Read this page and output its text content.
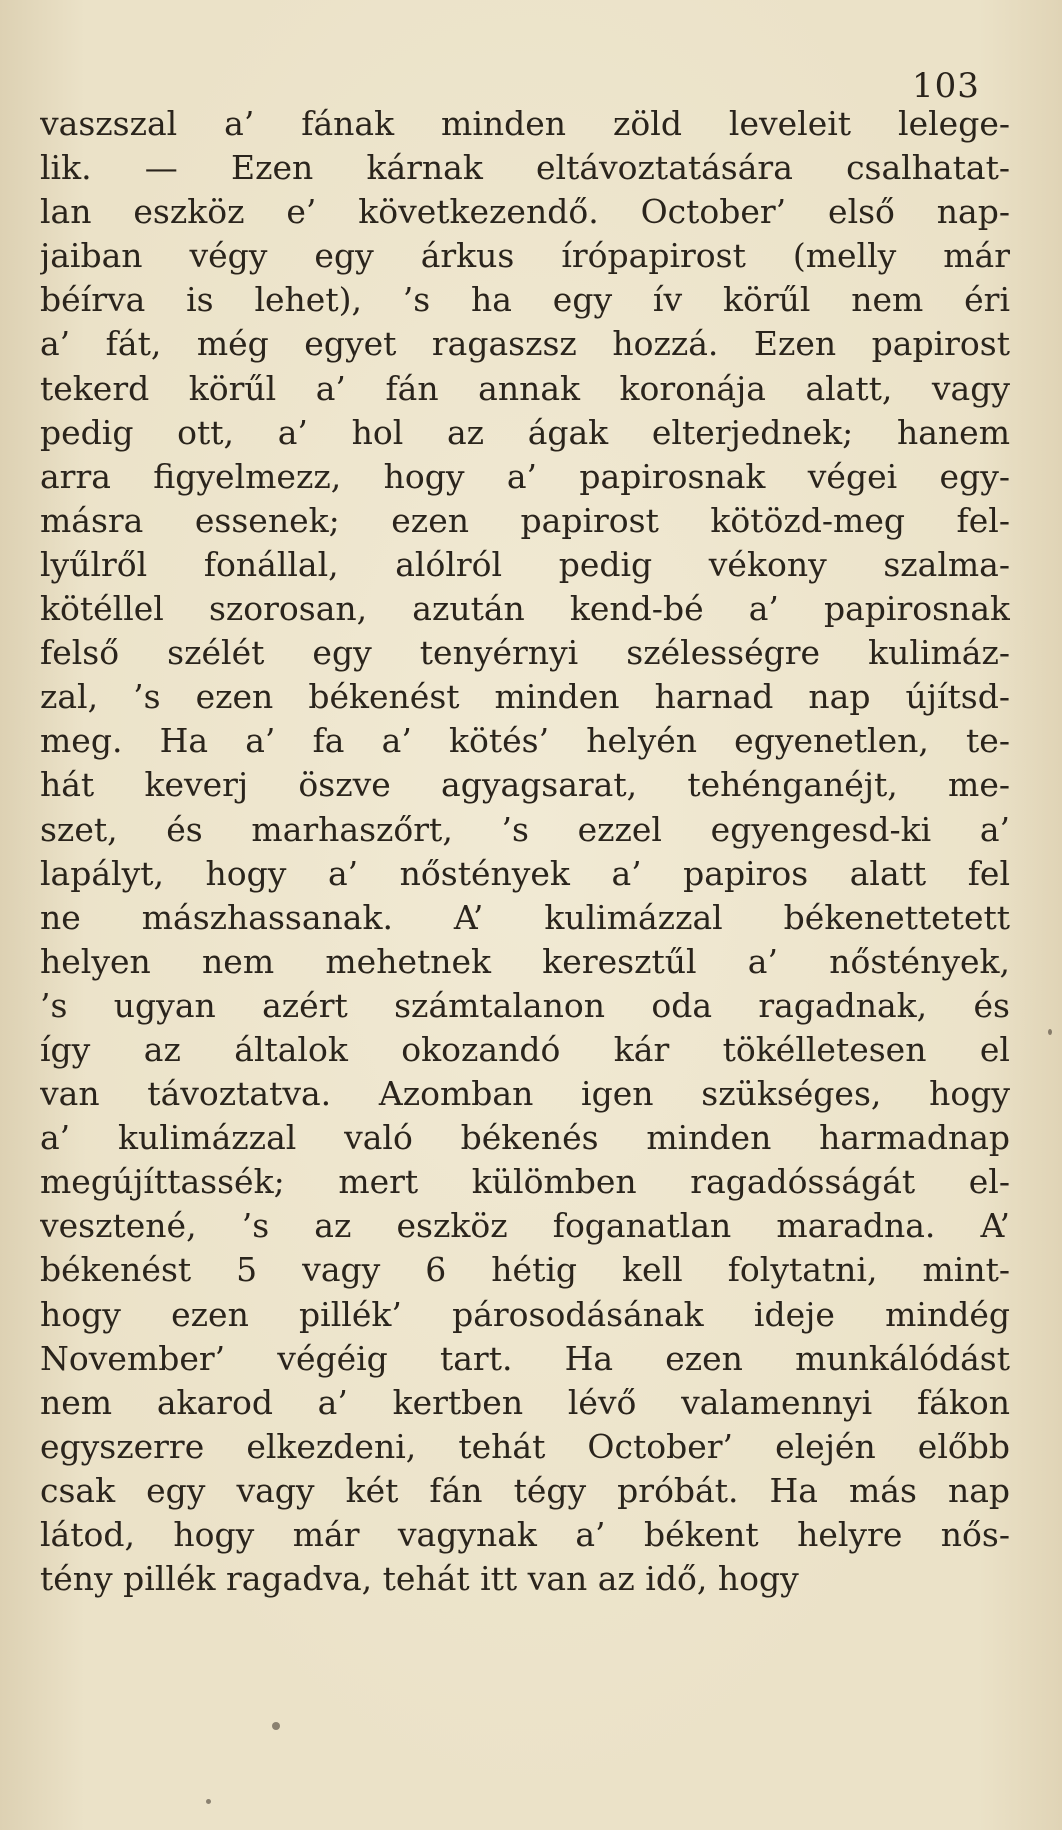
103
vaszszal a’ fának minden zöld leveleit lelege-
lik. — Ezen kárnak eltávoztatására csalhatat-
lan eszköz e’ következendő. October’ első nap-
jaiban végy egy árkus írópapirost (melly már
béírva is lehet), ’s ha egy ív körűl nem éri
a’ fát, még egyet ragaszsz hozzá. Ezen papirost
tekerd körűl a’ fán annak koronája alatt, vagy
pedig ott, a’ hol az ágak elterjednek; hanem
arra figyelmezz, hogy a’ papirosnak végei egy-
másra essenek; ezen papirost kötözd-meg fel-
lyűlről fonállal, alólról pedig vékony szalma-
kötéllel szorosan, azután kend-bé a’ papirosnak
felső szélét egy tenyérnyi szélességre kulimáz-
zal, ’s ezen békenést minden harnad nap újítsd-
meg. Ha a’ fa a’ kötés’ helyén egyenetlen, te-
hát keverj öszve agyagsarat, tehénganéjt, me-
szet, és marhaszőrt, ’s ezzel egyengesd-ki a’
lapályt, hogy a’ nőstények a’ papiros alatt fel
ne mászhassanak. A’ kulimázzal békenettetett
helyen nem mehetnek keresztűl a’ nőstények,
’s ugyan azért számtalanon oda ragadnak, és
így az általok okozandó kár tökélletesen el
van távoztatva. Azomban igen szükséges, hogy
a’ kulimázzal való békenés minden harmadnap
megújíttassék; mert külömben ragadósságát el-
vesztené, ’s az eszköz foganatlan maradna. A’
békenést 5 vagy 6 hétig kell folytatni, mint-
hogy ezen pillék’ párosodásának ideje mindég
November’ végéig tart. Ha ezen munkálódást
nem akarod a’ kertben lévő valamennyi fákon
egyszerre elkezdeni, tehát October’ elején előbb
csak egy vagy két fán tégy próbát. Ha más nap
látod, hogy már vagynak a’ békent helyre nős-
tény pillék ragadva, tehát itt van az idő, hogy
